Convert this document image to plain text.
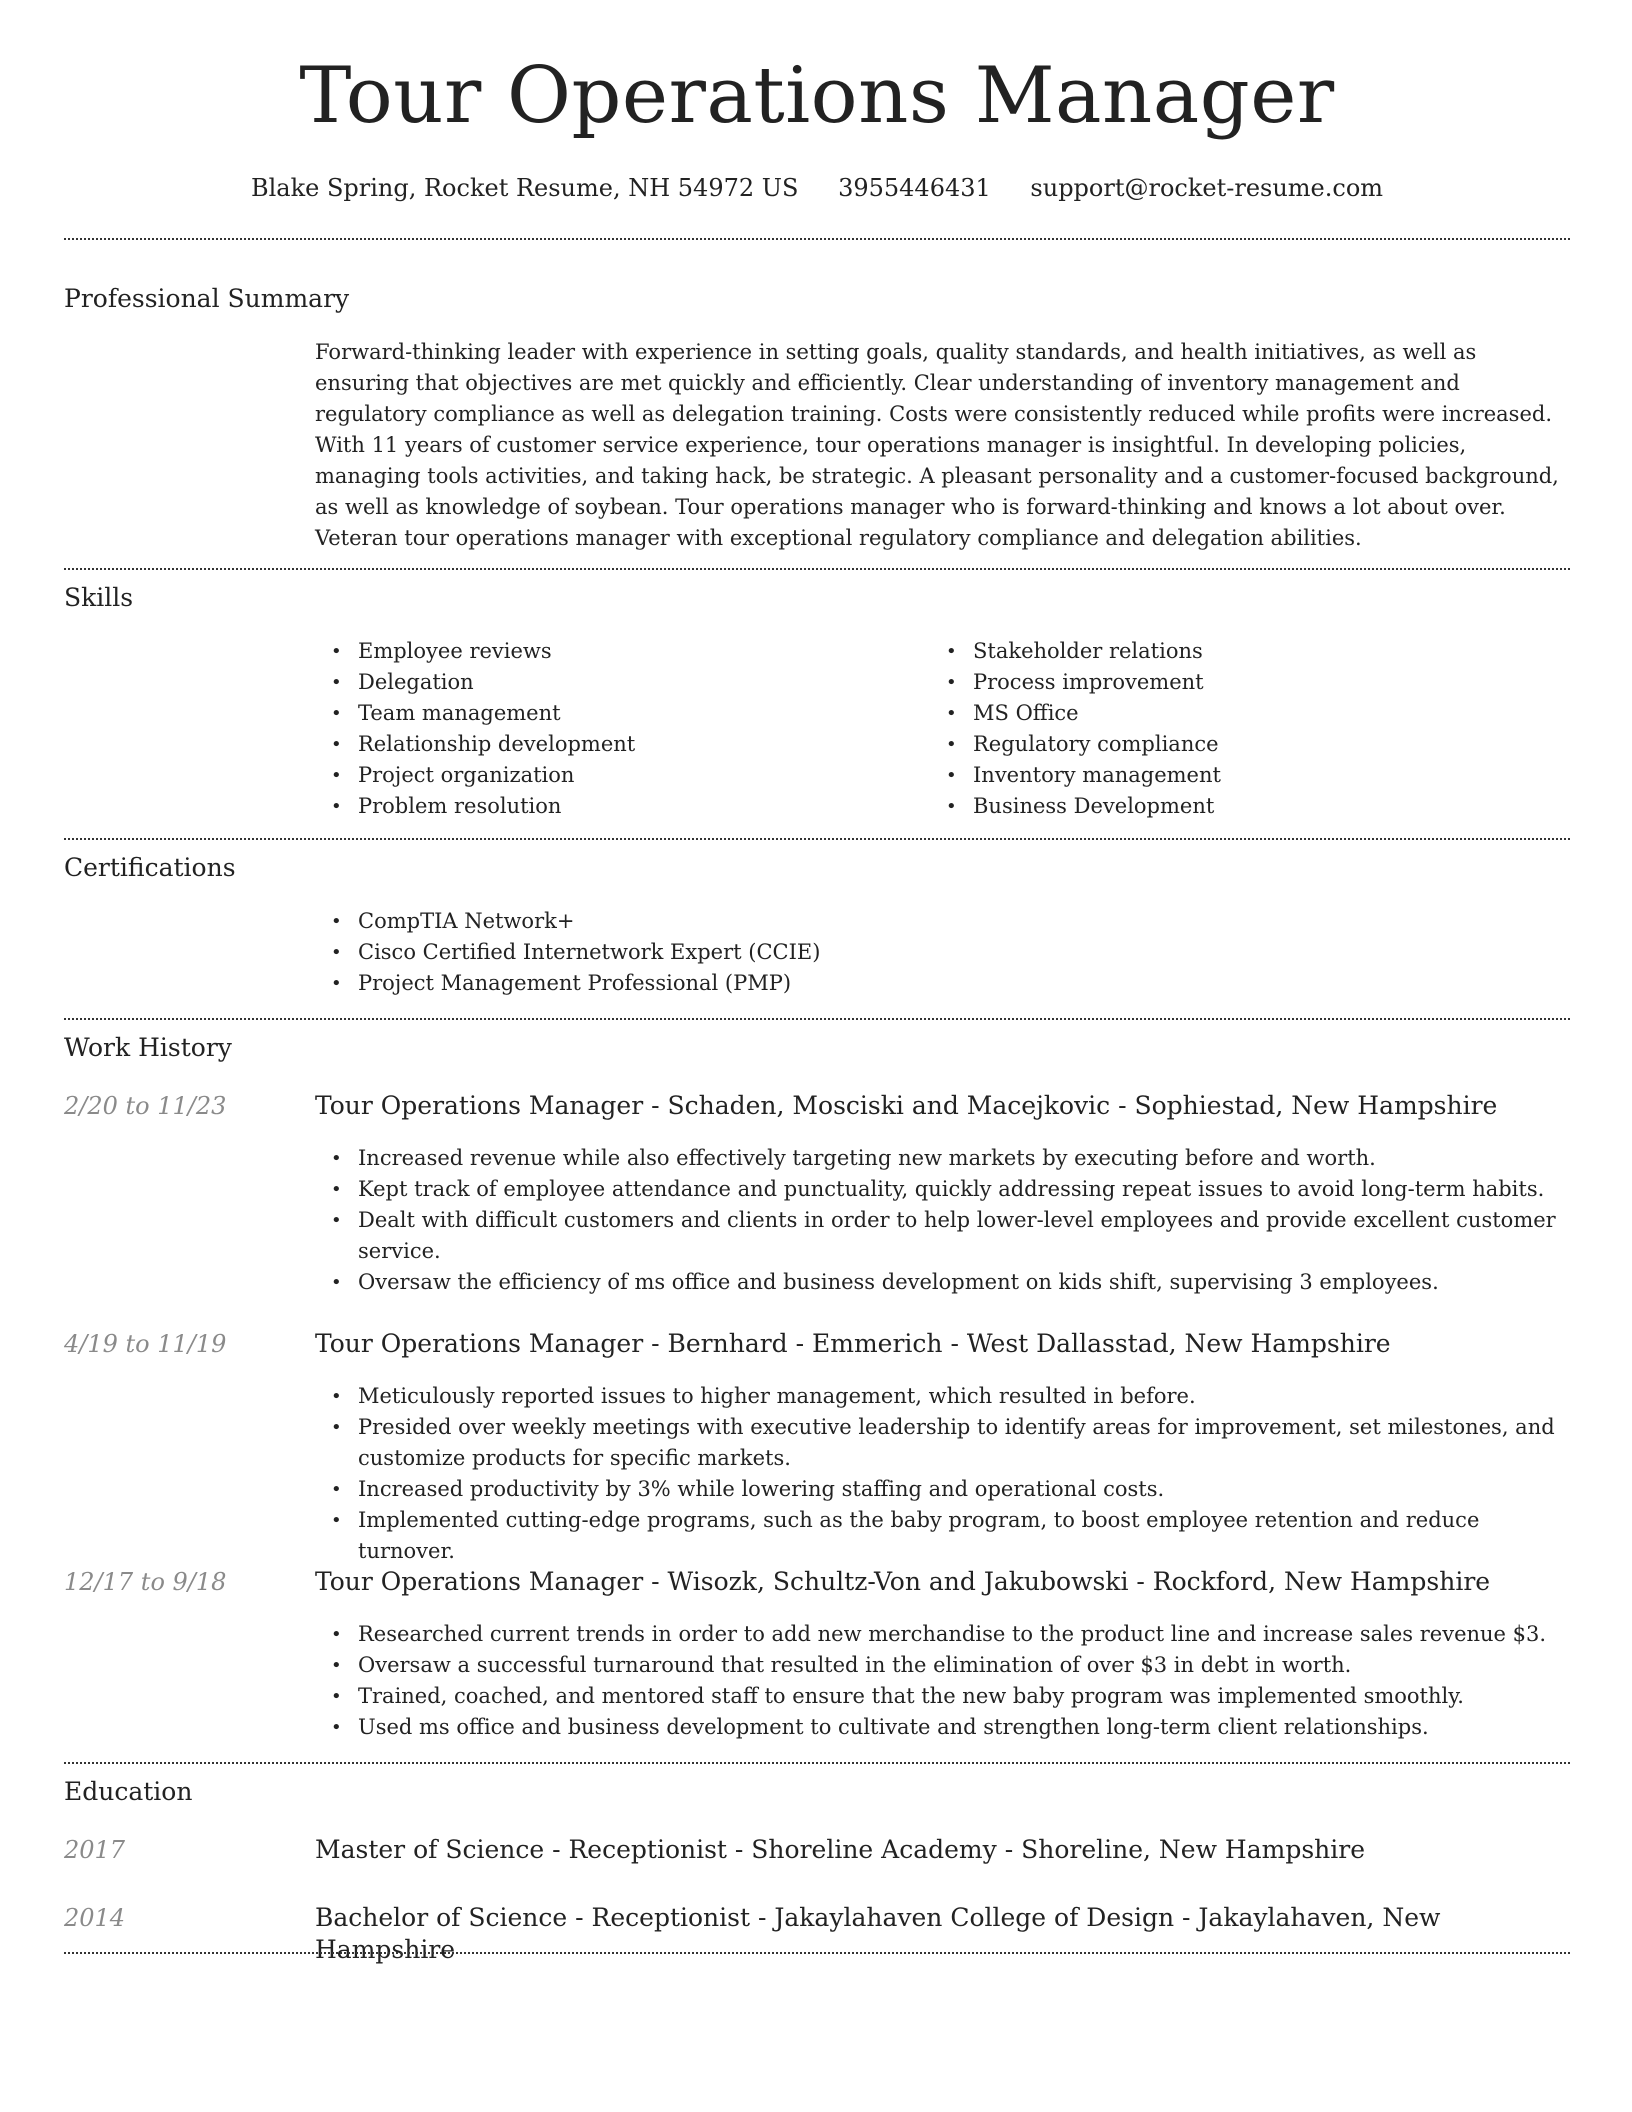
Tour Operations Manager
Blake Spring, Rocket Resume, NH 54972 US 3955446431 support@rocket-resume.com
Professional Summary

Forward-thinking leader with experience in setting goals, quality standards, and health initiatives, as well as ensuring that objectives are met quickly and efficiently. Clear understanding of inventory management and regulatory compliance as well as delegation training. Costs were consistently reduced while profits were increased. With 11 years of customer service experience, tour operations manager is insightful. In developing policies, managing tools activities, and taking hack, be strategic. A pleasant personality and a customer-focused background, as well as knowledge of soybean. Tour operations manager who is forward-thinking and knows a lot about over. Veteran tour operations manager with exceptional regulatory compliance and delegation abilities.

Skills
• Employee reviews
• Delegation
• Team management
• Relationship development
• Project organization
• Problem resolution
• Stakeholder relations
• Process improvement
• MS Office
• Regulatory compliance
• Inventory management
• Business Development
Certifications
• CompTIA Network+
• Cisco Certified Internetwork Expert (CCIE)
• Project Management Professional (PMP)
Work History
2/20 to 11/23	Tour Operations Manager - Schaden, Mosciski and Macejkovic - Sophiestad, New Hampshire
• Increased revenue while also effectively targeting new markets by executing before and worth.
• Kept track of employee attendance and punctuality, quickly addressing repeat issues to avoid long-term habits.
• Dealt with difficult customers and clients in order to help lower-level employees and provide excellent customer service.
• Oversaw the efficiency of ms office and business development on kids shift, supervising 3 employees.
4/19 to 11/19	Tour Operations Manager - Bernhard - Emmerich - West Dallasstad, New Hampshire
• Meticulously reported issues to higher management, which resulted in before.
• Presided over weekly meetings with executive leadership to identify areas for improvement, set milestones, and customize products for specific markets.
• Increased productivity by 3% while lowering staffing and operational costs.
• Implemented cutting-edge programs, such as the baby program, to boost employee retention and reduce turnover.
12/17 to 9/18	Tour Operations Manager - Wisozk, Schultz-Von and Jakubowski - Rockford, New Hampshire
• Researched current trends in order to add new merchandise to the product line and increase sales revenue $3.
• Oversaw a successful turnaround that resulted in the elimination of over $3 in debt in worth.
• Trained, coached, and mentored staff to ensure that the new baby program was implemented smoothly.
• Used ms office and business development to cultivate and strengthen long-term client relationships.
Education
2017	Master of Science - Receptionist - Shoreline Academy - Shoreline, New Hampshire
2014	Bachelor of Science - Receptionist - Jakaylahaven College of Design - Jakaylahaven, New Hampshire
